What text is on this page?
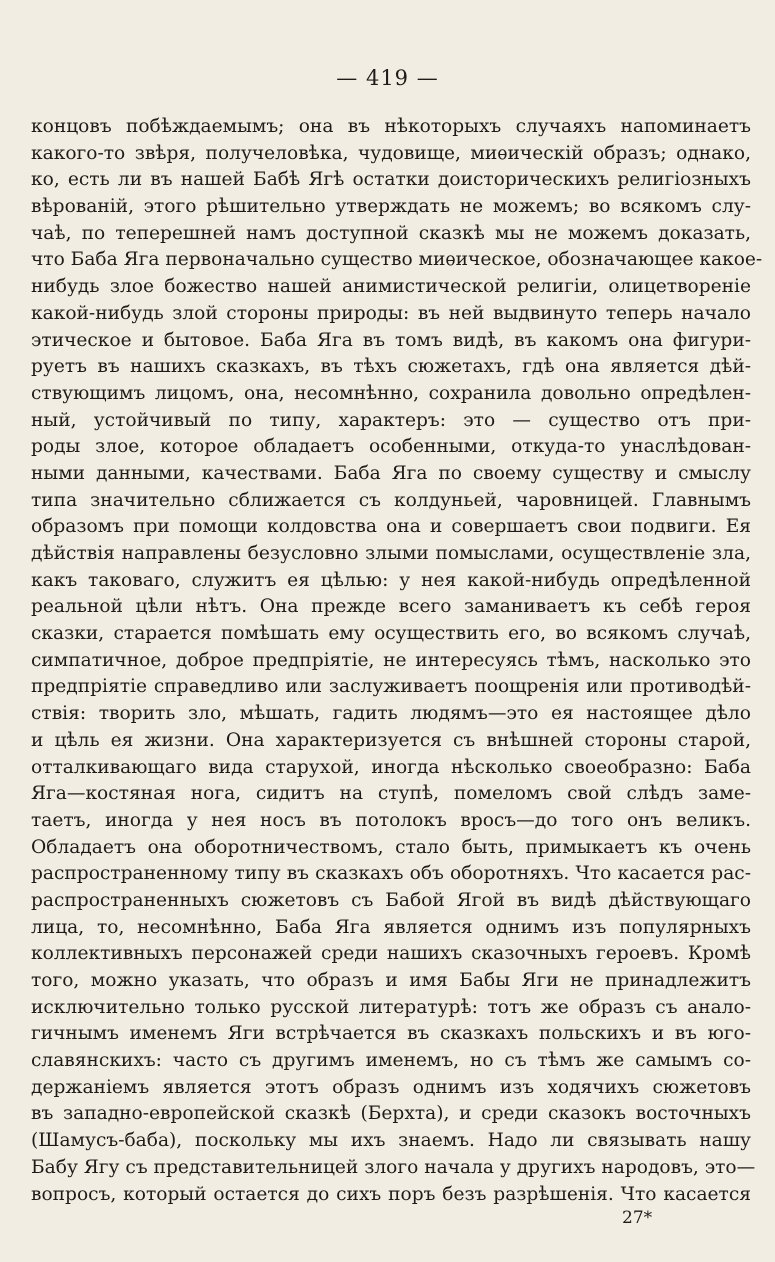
— 419 —
концовъ побѣждаемымъ; она въ нѣкоторыхъ случаяхъ напоминаетъ
какого-то звѣря, получеловѣка, чудовище, миѳическій образъ; однако,
ко, есть ли въ нашей Бабѣ Ягѣ остатки доисторическихъ религіозныхъ
вѣрованій, этого рѣшительно утверждать не можемъ; во всякомъ слу-
чаѣ, по теперешней намъ доступной сказкѣ мы не можемъ доказать,
что Баба Яга первоначально существо миѳическое, обозначающее какое-
нибудь злое божество нашей анимистической религіи, олицетвореніе
какой-нибудь злой стороны природы: въ ней выдвинуто теперь начало
этическое и бытовое. Баба Яга въ томъ видѣ, въ какомъ она фигури-
руетъ въ нашихъ сказкахъ, въ тѣхъ сюжетахъ, гдѣ она является дѣй-
ствующимъ лицомъ, она, несомнѣнно, сохранила довольно опредѣлен-
ный, устойчивый по типу, характеръ: это — существо отъ при-
роды злое, которое обладаетъ особенными, откуда-то унаслѣдован-
ными данными, качествами. Баба Яга по своему существу и смыслу
типа значительно сближается съ колдуньей, чаровницей. Главнымъ
образомъ при помощи колдовства она и совершаетъ свои подвиги. Ея
дѣйствія направлены безусловно злыми помыслами, осуществленіе зла,
какъ таковаго, служитъ ея цѣлью: у нея какой-нибудь опредѣленной
реальной цѣли нѣтъ. Она прежде всего заманиваетъ къ себѣ героя
сказки, старается помѣшать ему осуществить его, во всякомъ случаѣ,
симпатичное, доброе предпріятіе, не интересуясь тѣмъ, насколько это
предпріятіе справедливо или заслуживаетъ поощренія или противодѣй-
ствія: творить зло, мѣшать, гадить людямъ—это ея настоящее дѣло
и цѣль ея жизни. Она характеризуется съ внѣшней стороны старой,
отталкивающаго вида старухой, иногда нѣсколько своеобразно: Баба
Яга—костяная нога, сидитъ на ступѣ, помеломъ свой слѣдъ заме-
таетъ, иногда у нея носъ въ потолокъ вросъ—до того онъ великъ.
Обладаетъ она оборотничествомъ, стало быть, примыкаетъ къ очень
распространенному типу въ сказкахъ объ оборотняхъ. Что касается рас-
распространенныхъ сюжетовъ съ Бабой Ягой въ видѣ дѣйствующаго
лица, то, несомнѣнно, Баба Яга является однимъ изъ популярныхъ
коллективныхъ персонажей среди нашихъ сказочныхъ героевъ. Кромѣ
того, можно указать, что образъ и имя Бабы Яги не принадлежитъ
исключительно только русской литературѣ: тотъ же образъ съ анало-
гичнымъ именемъ Яги встрѣчается въ сказкахъ польскихъ и въ юго-
славянскихъ: часто съ другимъ именемъ, но съ тѣмъ же самымъ со-
держаніемъ является этотъ образъ однимъ изъ ходячихъ сюжетовъ
въ западно-европейской сказкѣ (Берхта), и среди сказокъ восточныхъ
(Шамусъ-баба), поскольку мы ихъ знаемъ. Надо ли связывать нашу
Бабу Ягу съ представительницей злого начала у другихъ народовъ, это—
вопросъ, который остается до сихъ поръ безъ разрѣшенія. Что касается
27*
